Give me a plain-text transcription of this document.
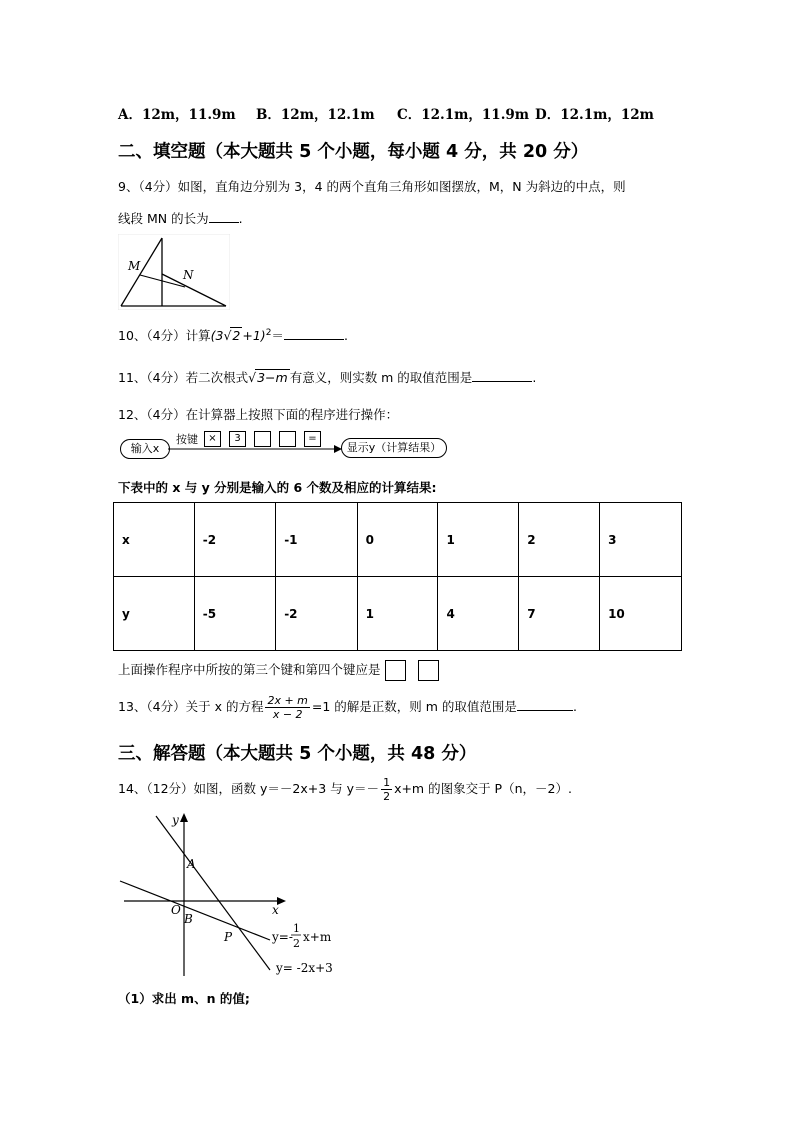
A．12m，11.9m B．12m，12.1m C．12.1m，11.9m D．12.1m，12m
二、填空题（本大题共 5 个小题，每小题 4 分，共 20 分）
9、（4分）如图，直角边分别为 3，4 的两个直角三角形如图摆放，M，N 为斜边的中点，则
线段 MN 的长为 .
M
N
10、（4分）计算$(3√2 +1)^2=$	.
11、（4分）若二次根式√3−m 有意义，则实数 m 的取值范围是	.
12、（4分）在计算器上按照下面的程序进行操作：
输入x
按键	×	3	=
显示y（计算结果）
下表中的 x 与 y 分别是输入的 6 个数及相应的计算结果:
x	-2	-1	0	1	2	3
y	-5	-2	1	4	7	10
上面操作程序中所按的第三个键和第四个键应是
13、（4分）关于 x 的方程 $\frac{2x + m}{x - 2} =1$ 的解是正数，则 m 的取值范围是	.
三、解答题（本大题共 5 个小题，共 48 分）
14、（12分）如图，函数 y＝－2x+3 与 $y=- \frac{1}{2} x+m$ 的图象交于 P（n，－2）.
y
x
A
O
B
P	y=-
1
2 x+m
y= -2x+3
（1）求出 m、n 的值;
